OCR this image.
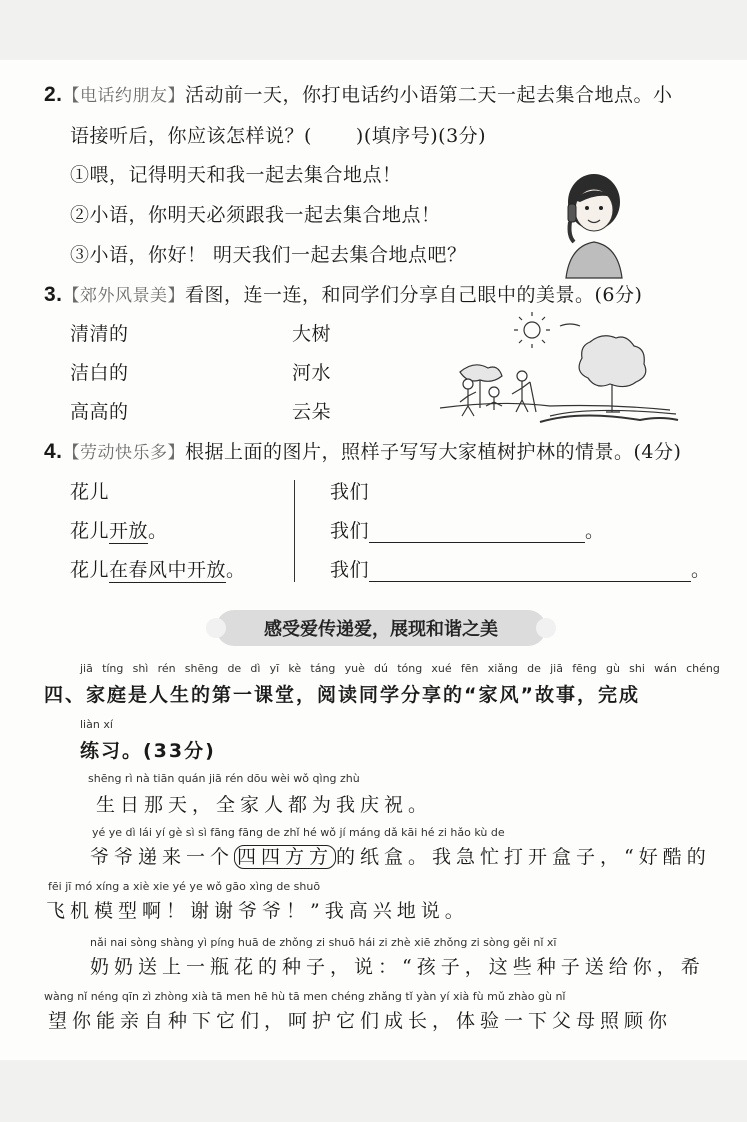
2.【电话约朋友】活动前一天，你打电话约小语第二天一起去集合地点。小
语接听后，你应该怎样说？( )(填序号)(3分)
①喂，记得明天和我一起去集合地点！
②小语，你明天必须跟我一起去集合地点！
③小语，你好！ 明天我们一起去集合地点吧？
3.【郊外风景美】看图，连一连，和同学们分享自己眼中的美景。(6分)
清清的
洁白的
高高的
大树
河水
云朵
4.【劳动快乐多】根据上面的图片，照样子写写大家植树护林的情景。(4分)
花儿
花儿开放。
花儿在春风中开放。
我们
我们	。
我们	。
感受爱传递爱，展现和谐之美
jiā tíng shì rén shēng de dì yī kè táng yuè dú tóng xué fēn xiǎng de jiā fēng gù shi wán chéng
四、家庭是人生的第一课堂，阅读同学分享的“家风”故事，完成
liàn xí
练习。(33分)
shēng rì nà tiān quán jiā rén dōu wèi wǒ qìng zhù
生日那天，全家人都为我庆祝。
yé ye dì lái yí gè sì sì fāng fāng de zhǐ hé wǒ jí máng dǎ kāi hé zi hǎo kù de
爷爷递来一个 四四方方 的纸盒。我急忙打开盒子，“好酷的
fēi jī mó xíng a xiè xie yé ye wǒ gāo xìng de shuō
飞机模型啊！谢谢爷爷！”我高兴地说。
nǎi nai sòng shàng yì píng huā de zhǒng zi shuō hái zi zhè xiē zhǒng zi sòng gěi nǐ xī
奶奶送上一瓶花的种子，说：“孩子，这些种子送给你，希
wàng nǐ néng qīn zì zhòng xià tā men hē hù tā men chéng zhǎng tǐ yàn yí xià fù mǔ zhào gù nǐ
望你能亲自种下它们，呵护它们成长，体验一下父母照顾你
